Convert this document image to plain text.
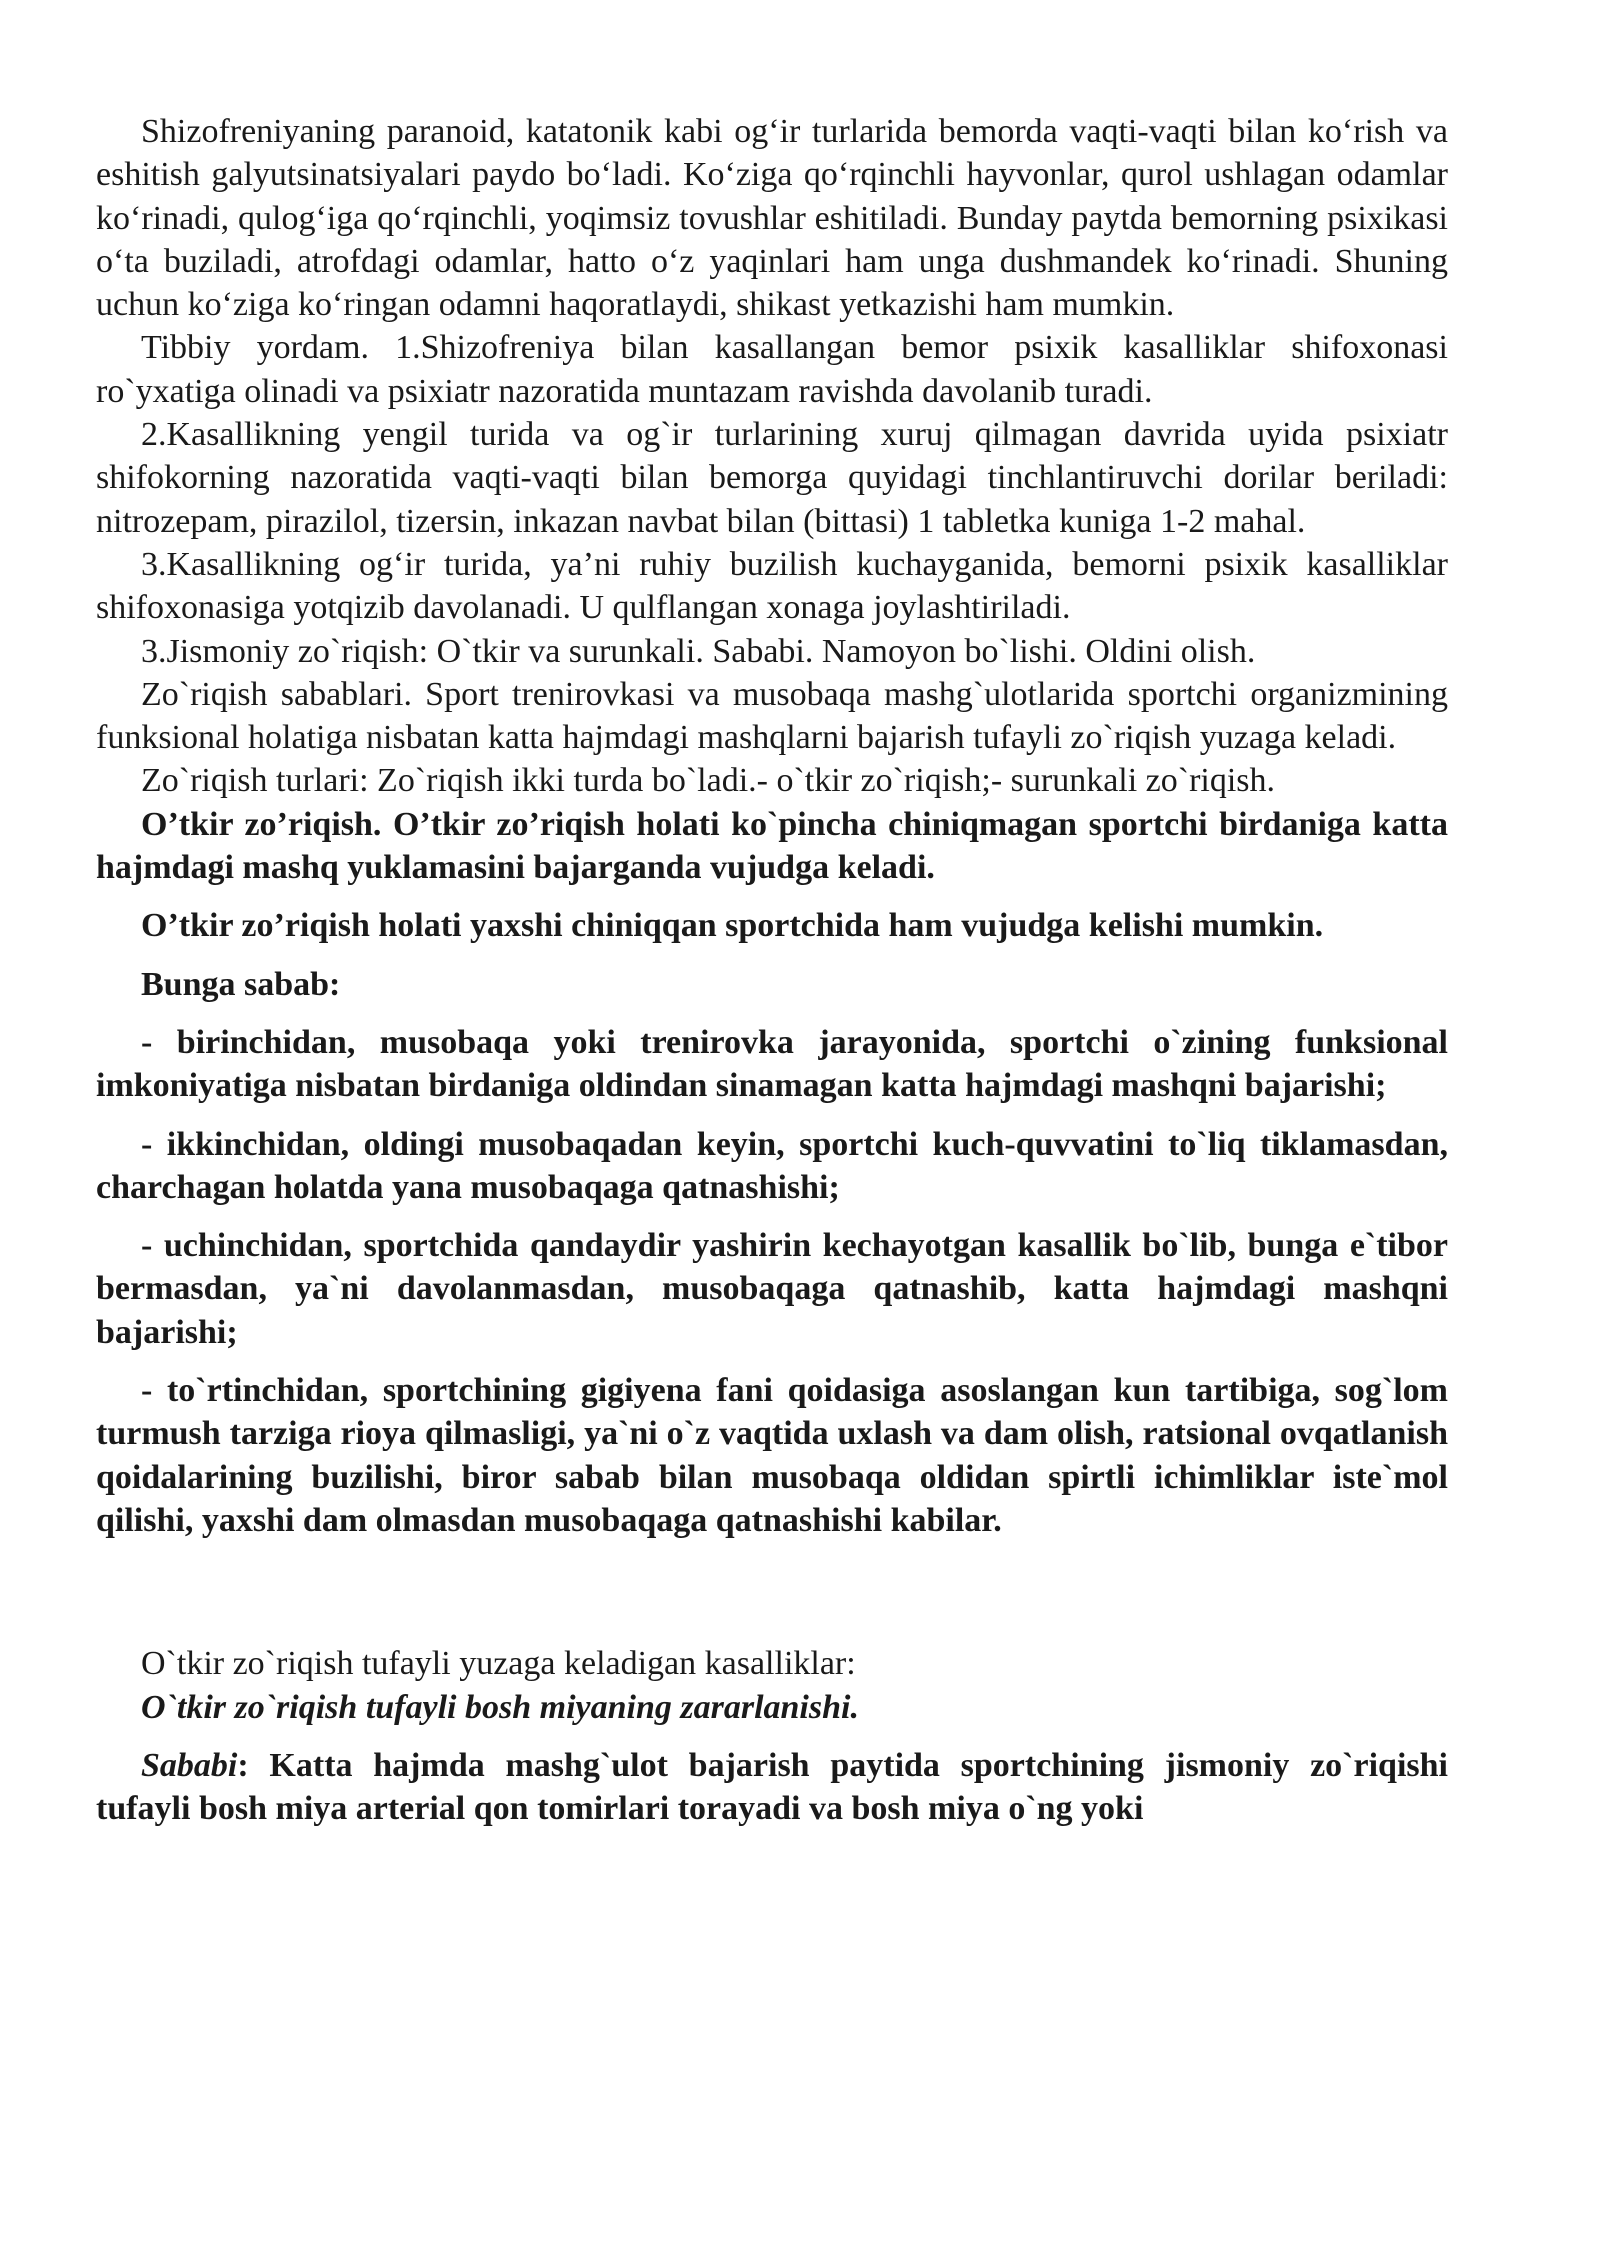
Shizofreniyaning paranoid, katatonik kabi og‘ir turlarida bemorda vaqti-vaqti bilan ko‘rish va eshitish galyutsinatsiyalari paydo bo‘ladi. Ko‘ziga qo‘rqinchli hayvonlar, qurol ushlagan odamlar ko‘rinadi, qulog‘iga qo‘rqinchli, yoqimsiz tovushlar eshitiladi. Bunday paytda bemorning psixikasi o‘ta buziladi, atrofdagi odamlar, hatto o‘z yaqinlari ham unga dushmandek ko‘rinadi. Shuning uchun ko‘ziga ko‘ringan odamni haqoratlaydi, shikast yetkazishi ham mumkin.

Tibbiy yordam. 1.Shizofreniya bilan kasallangan bemor psixik kasalliklar shifoxonasi ro`yxatiga olinadi va psixiatr nazoratida muntazam ravishda davolanib turadi.

2.Kasallikning yengil turida va og`ir turlarining xuruj qilmagan davrida uyida psixiatr shifokorning nazoratida vaqti-vaqti bilan bemorga quyidagi tinchlantiruvchi dorilar beriladi: nitrozepam, pirazilol, tizersin, inkazan navbat bilan (bittasi) 1 tabletka kuniga 1-2 mahal.

3.Kasallikning og‘ir turida, ya’ni ruhiy buzilish kuchayganida, bemorni psixik kasalliklar shifoxonasiga yotqizib davolanadi. U qulflangan xonaga joylashtiriladi.

3.Jismoniy zo`riqish: O`tkir va surunkali. Sababi. Namoyon bo`lishi. Oldini olish.

Zo`riqish sabablari. Sport trenirovkasi va musobaqa mashg`ulotlarida sportchi organizmining funksional holatiga nisbatan katta hajmdagi mashqlarni bajarish tufayli zo`riqish yuzaga keladi.

Zo`riqish turlari: Zo`riqish ikki turda bo`ladi.- o`tkir zo`riqish;- surunkali zo`riqish.

O’tkir zo’riqish. O’tkir zo’riqish holati ko`pincha chiniqmagan sportchi birdaniga katta hajmdagi mashq yuklamasini bajarganda vujudga keladi.

O’tkir zo’riqish holati yaxshi chiniqqan sportchida ham vujudga kelishi mumkin.

Bunga sabab:

- birinchidan, musobaqa yoki trenirovka jarayonida, sportchi o`zining funksional imkoniyatiga nisbatan birdaniga oldindan sinamagan katta hajmdagi mashqni bajarishi;

- ikkinchidan, oldingi musobaqadan keyin, sportchi kuch-quvvatini to`liq tiklamasdan, charchagan holatda yana musobaqaga qatnashishi;

- uchinchidan, sportchida qandaydir yashirin kechayotgan kasallik bo`lib, bunga e`tibor bermasdan, ya`ni davolanmasdan, musobaqaga qatnashib, katta hajmdagi mashqni bajarishi;

- to`rtinchidan, sportchining gigiyena fani qoidasiga asoslangan kun tartibiga, sog`lom turmush tarziga rioya qilmasligi, ya`ni o`z vaqtida uxlash va dam olish, ratsional ovqatlanish qoidalarining buzilishi, biror sabab bilan musobaqa oldidan spirtli ichimliklar iste`mol qilishi, yaxshi dam olmasdan musobaqaga qatnashishi kabilar.

O`tkir zo`riqish tufayli yuzaga keladigan kasalliklar:

O`tkir zo`riqish tufayli bosh miyaning zararlanishi.

Sababi: Katta hajmda mashg`ulot bajarish paytida sportchining jismoniy zo`riqishi tufayli bosh miya arterial qon tomirlari torayadi va bosh miya o`ng yoki
